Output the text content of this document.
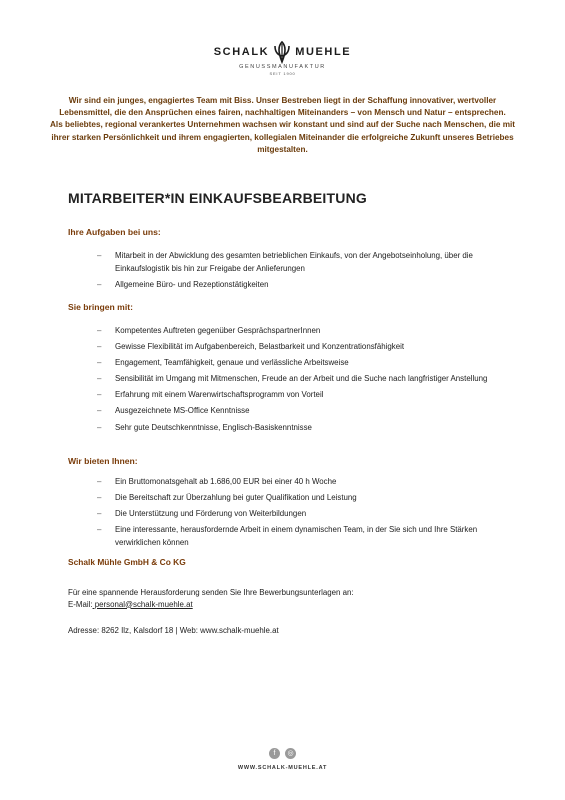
SCHALK MUEHLE
GENUSSMANUFAKTUR
SEIT 1900

Wir sind ein junges, engagiertes Team mit Biss. Unser Bestreben liegt in der Schaffung innovativer, wertvoller Lebensmittel, die den Ansprüchen eines fairen, nachhaltigen Miteinanders – von Mensch und Natur – entsprechen.

Als beliebtes, regional verankertes Unternehmen wachsen wir konstant und sind auf der Suche nach Menschen, die mit ihrer starken Persönlichkeit und ihrem engagierten, kollegialen Miteinander die erfolgreiche Zukunft unseres Betriebes mitgestalten.

MITARBEITER*IN EINKAUFSBEARBEITUNG
Ihre Aufgaben bei uns:
–	Mitarbeit in der Abwicklung des gesamten betrieblichen Einkaufs, von der Angebotseinholung, über die Einkaufslogistik bis hin zur Freigabe der Anlieferungen
–	Allgemeine Büro- und Rezeptionstätigkeiten
Sie bringen mit:
–	Kompetentes Auftreten gegenüber GesprächspartnerInnen
–	Gewisse Flexibilität im Aufgabenbereich, Belastbarkeit und Konzentrationsfähigkeit
–	Engagement, Teamfähigkeit, genaue und verlässliche Arbeitsweise
–	Sensibilität im Umgang mit Mitmenschen, Freude an der Arbeit und die Suche nach langfristiger Anstellung
–	Erfahrung mit einem Warenwirtschaftsprogramm von Vorteil
–	Ausgezeichnete MS-Office Kenntnisse
–	Sehr gute Deutschkenntnisse, Englisch-Basiskenntnisse
Wir bieten Ihnen:
–	Ein Bruttomonatsgehalt ab 1.686,00 EUR bei einer 40 h Woche
–	Die Bereitschaft zur Überzahlung bei guter Qualifikation und Leistung
–	Die Unterstützung und Förderung von Weiterbildungen
–	Eine interessante, herausfordernde Arbeit in einem dynamischen Team, in der Sie sich und Ihre Stärken verwirklichen können
Schalk Mühle GmbH & Co KG
Für eine spannende Herausforderung senden Sie Ihre Bewerbungsunterlagen an:
E-Mail: personal@schalk-muehle.at
Adresse: 8262 Ilz, Kalsdorf 18 | Web: www.schalk-muehle.at
f	◎
WWW.SCHALK-MUEHLE.AT
